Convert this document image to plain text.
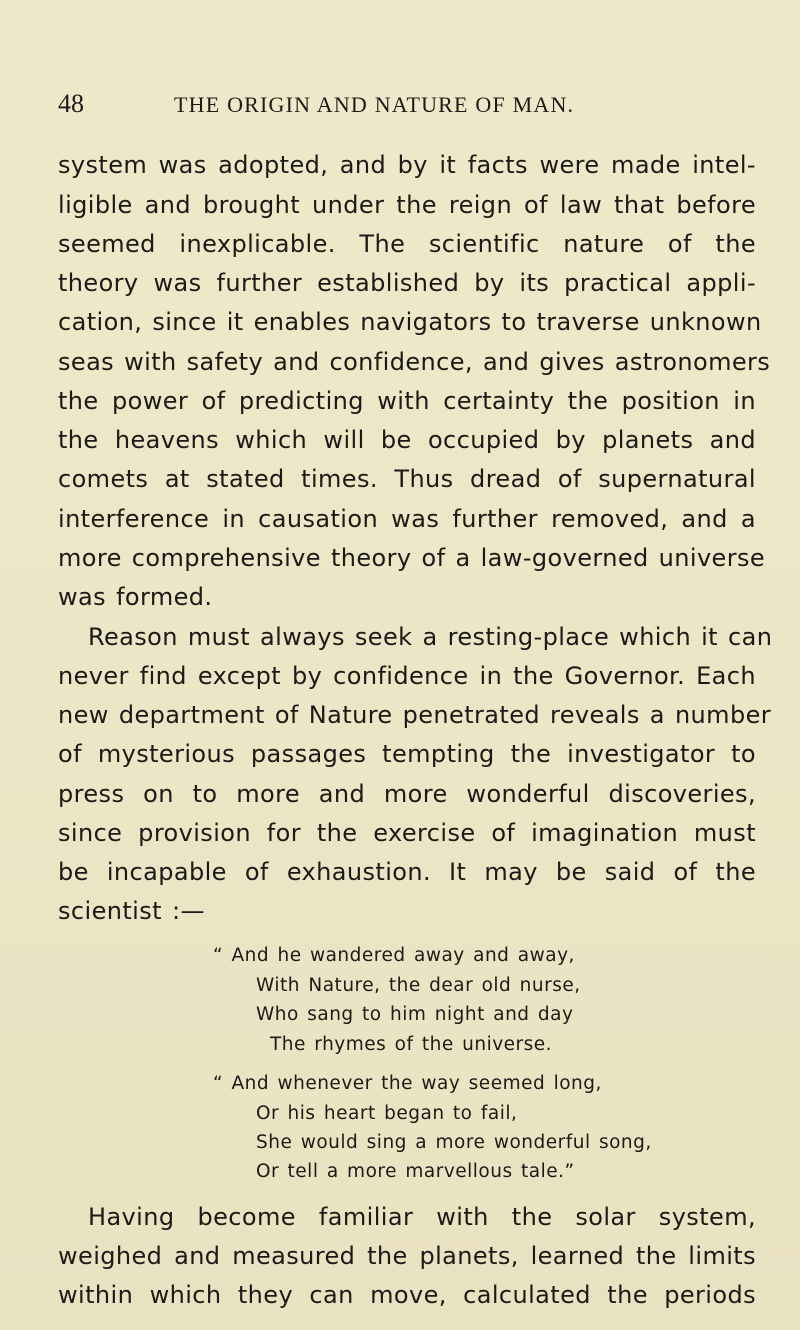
48	THE ORIGIN AND NATURE OF MAN.
system was adopted, and by it facts were made intel-
ligible and brought under the reign of law that before
seemed inexplicable. The scientific nature of the
theory was further established by its practical appli-
cation, since it enables navigators to traverse unknown
seas with safety and confidence, and gives astronomers
the power of predicting with certainty the position in
the heavens which will be occupied by planets and
comets at stated times. Thus dread of supernatural
interference in causation was further removed, and a
more comprehensive theory of a law-governed universe
was formed.
Reason must always seek a resting-place which it can
never find except by confidence in the Governor. Each
new department of Nature penetrated reveals a number
of mysterious passages tempting the investigator to
press on to more and more wonderful discoveries,
since provision for the exercise of imagination must
be incapable of exhaustion. It may be said of the
scientist :—
“ And he wandered away and away,
With Nature, the dear old nurse,
Who sang to him night and day
The rhymes of the universe.
“ And whenever the way seemed long,
Or his heart began to fail,
She would sing a more wonderful song,
Or tell a more marvellous tale.”
Having become familiar with the solar system,
weighed and measured the planets, learned the limits
within which they can move, calculated the periods
